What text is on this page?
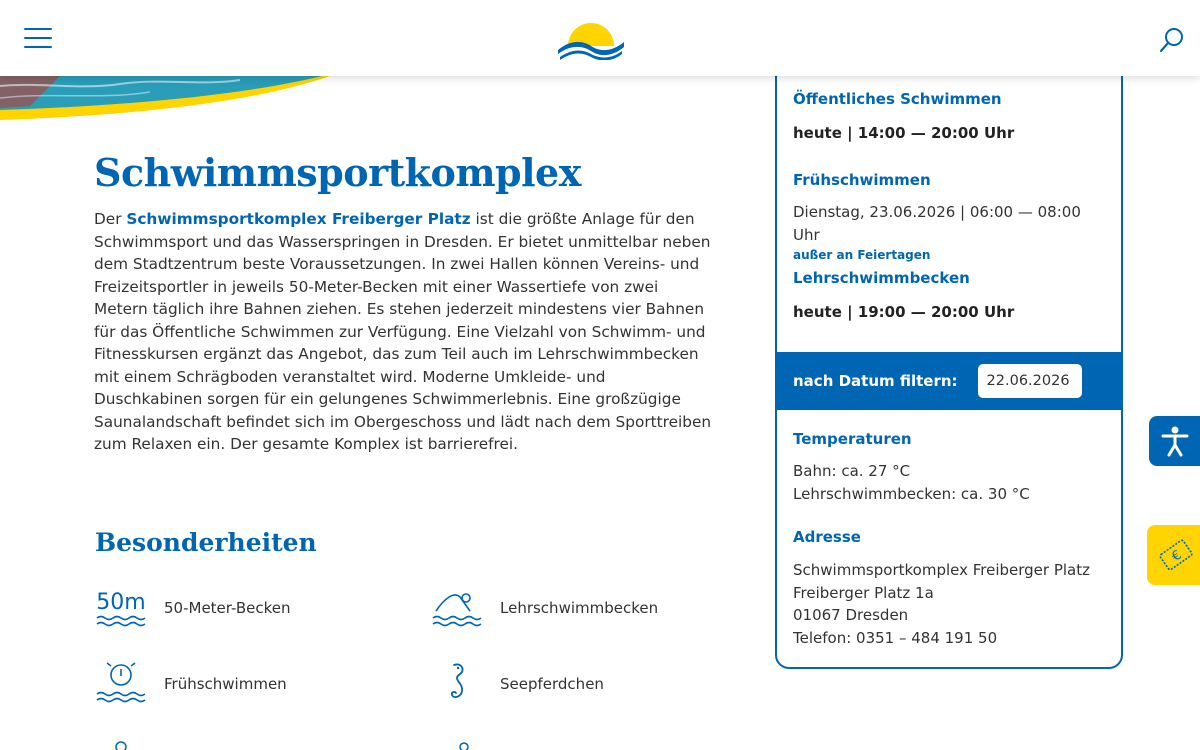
Schwimmsportkomplex

Der Schwimmsportkomplex Freiberger Platz ist die größte Anlage für den Schwimmsport und das Wasserspringen in Dresden. Er bietet unmittelbar neben dem Stadtzentrum beste Voraussetzungen. In zwei Hallen können Vereins- und Freizeitsportler in jeweils 50-Meter-Becken mit einer Wassertiefe von zwei Metern täglich ihre Bahnen ziehen. Es stehen jederzeit mindestens vier Bahnen für das Öffentliche Schwimmen zur Verfügung. Eine Vielzahl von Schwimm- und Fitnesskursen ergänzt das Angebot, das zum Teil auch im Lehrschwimmbecken mit einem Schrägboden veranstaltet wird. Moderne Umkleide- und Duschkabinen sorgen für ein gelungenes Schwimmerlebnis. Eine großzügige Saunalandschaft befindet sich im Obergeschoss und lädt nach dem Sporttreiben zum Relaxen ein. Der gesamte Komplex ist barrierefrei.

Besonderheiten
50m 50-Meter-Becken	Lehrschwimmbecken
Frühschwimmen	Seepferdchen
Öffentliches Schwimmen
heute | 14:00 — 20:00 Uhr
Frühschwimmen
Dienstag, 23.06.2026 | 06:00 — 08:00 Uhr
außer an Feiertagen
Lehrschwimmbecken
heute | 19:00 — 20:00 Uhr
nach Datum filtern:
22.06.2026
Temperaturen
Bahn: ca. 27 °C
Lehrschwimmbecken: ca. 30 °C
Adresse
Schwimmsportkomplex Freiberger Platz
Freiberger Platz 1a
01067 Dresden
Telefon: 0351 – 484 191 50
€
